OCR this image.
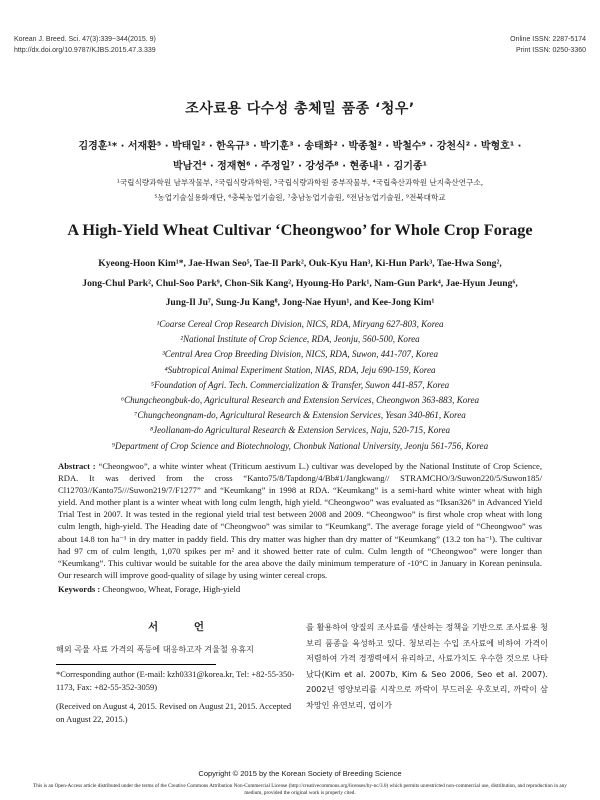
Korean J. Breed. Sci. 47(3):339~344(2015. 9)
http://dx.doi.org/10.9787/KJBS.2015.47.3.339
Online ISSN: 2287-5174
Print ISSN: 0250-3360
조사료용 다수성 총체밀 품종 ‘청우’
김경훈¹* · 서재환⁵ · 박태일² · 한옥규³ · 박기훈³ · 송태화² · 박종철² · 박철수⁹ · 강천식² · 박형호¹ ·
박남건⁴ · 정재현⁶ · 주정일⁷ · 강성주⁸ · 현종내¹ · 김기종¹
¹국립식량과학원 남부작물부, ²국립식량과학원, ³국립식량과학원 중부작물부, ⁴국립축산과학원 난지축산연구소,
⁵농업기술실용화재단, ⁶충북농업기술원, ⁷충남농업기술원, ⁸전남농업기술원, ⁹전북대학교
A High-Yield Wheat Cultivar ‘Cheongwoo’ for Whole Crop Forage
Kyeong-Hoon Kim¹*, Jae-Hwan Seo⁵, Tae-Il Park², Ouk-Kyu Han³, Ki-Hun Park³, Tae-Hwa Song²,
Jong-Chul Park², Chul-Soo Park⁹, Chon-Sik Kang², Hyoung-Ho Park¹, Nam-Gun Park⁴, Jae-Hyun Jeung⁶,
Jung-Il Ju⁷, Sung-Ju Kang⁸, Jong-Nae Hyun¹, and Kee-Jong Kim¹
¹Coarse Cereal Crop Research Division, NICS, RDA, Miryang 627-803, Korea
²National Institute of Crop Science, RDA, Jeonju, 560-500, Korea
³Central Area Crop Breeding Division, NICS, RDA, Suwon, 441-707, Korea
⁴Subtropical Animal Experiment Station, NIAS, RDA, Jeju 690-159, Korea
⁵Foundation of Agri. Tech. Commercialization & Transfer, Suwon 441-857, Korea
⁶Chungcheongbuk-do, Agricultural Research and Extension Services, Cheongwon 363-883, Korea
⁷Chungcheongnam-do, Agricultural Research & Extension Services, Yesan 340-861, Korea
⁸Jeollanam-do Agricultural Research & Extension Services, Naju, 520-715, Korea
⁹Department of Crop Science and Biotechnology, Chonbuk National University, Jeonju 561-756, Korea
Abstract : “Cheongwoo”, a white winter wheat (Triticum aestivum L.) cultivar was developed by the National Institute of Crop Science, RDA. It was derived from the cross “Kanto75/8/Tapdong/4/Bb#1/Jangkwang// STRAMCHO/3/Suwon220/5/Suwon185/ Cl12703//Kanto75///Suwon219/7/F1277” and “Keumkang” in 1998 at RDA. “Keumkang” is a semi-hard white winter wheat with high yield. And mother plant is a winter wheat with long culm length, high yield. “Cheongwoo” was evaluated as “Iksan326” in Advanced Yield Trial Test in 2007. It was tested in the regional yield trial test between 2008 and 2009. “Cheongwoo” is first whole crop wheat with long culm length, high-yield. The Heading date of “Cheongwoo” was similar to “Keumkang”. The average forage yield of “Cheongwoo” was about 14.8 ton ha⁻¹ in dry matter in paddy field. This dry matter was higher than dry matter of “Keumkang” (13.2 ton ha⁻¹). The cultivar had 97 cm of culm length, 1,070 spikes per m² and it showed better rate of culm. Culm length of “Cheongwoo” were longer than “Keumkang”. This cultivar would be suitable for the area above the daily minimum temperature of -10°C in January in Korean peninsula. Our research will improve good-quality of silage by using winter cereal crops.
Keywords : Cheongwoo, Wheat, Forage, High-yield
서 언
해외 곡물 사료 가격의 폭등에 대응하고자 겨울철 유휴지
*Corresponding author (E-mail: kzh0331@korea.kr, Tel: +82-55-350-1173, Fax: +82-55-352-3059)
(Received on August 4, 2015. Revised on August 21, 2015. Accepted on August 22, 2015.)
를 활용하여 양질의 조사료를 생산하는 정책을 기반으로 조사료용 청보리 품종을 육성하고 있다. 청보리는 수입 조사료에 비하여 가격이 저렴하여 가격 경쟁력에서 유리하고, 사료가치도 우수한 것으로 나타났다(Kim et al. 2007b, Kim & Seo 2006, Seo et al. 2007). 2002년 영양보리를 시작으로 까락이 부드러운 우호보리, 까락이 삼차망인 유연보리, 엽이가
Copyright © 2015 by the Korean Society of Breeding Science
This is an Open-Access article distributed under the terms of the Creative Commons Attribution Non-Commercial License (http://creativecommons.org/licenses/by-nc/3.0) which permits unrestricted non-commercial use, distribution, and reproduction in any medium, provided the original work is properly cited.
